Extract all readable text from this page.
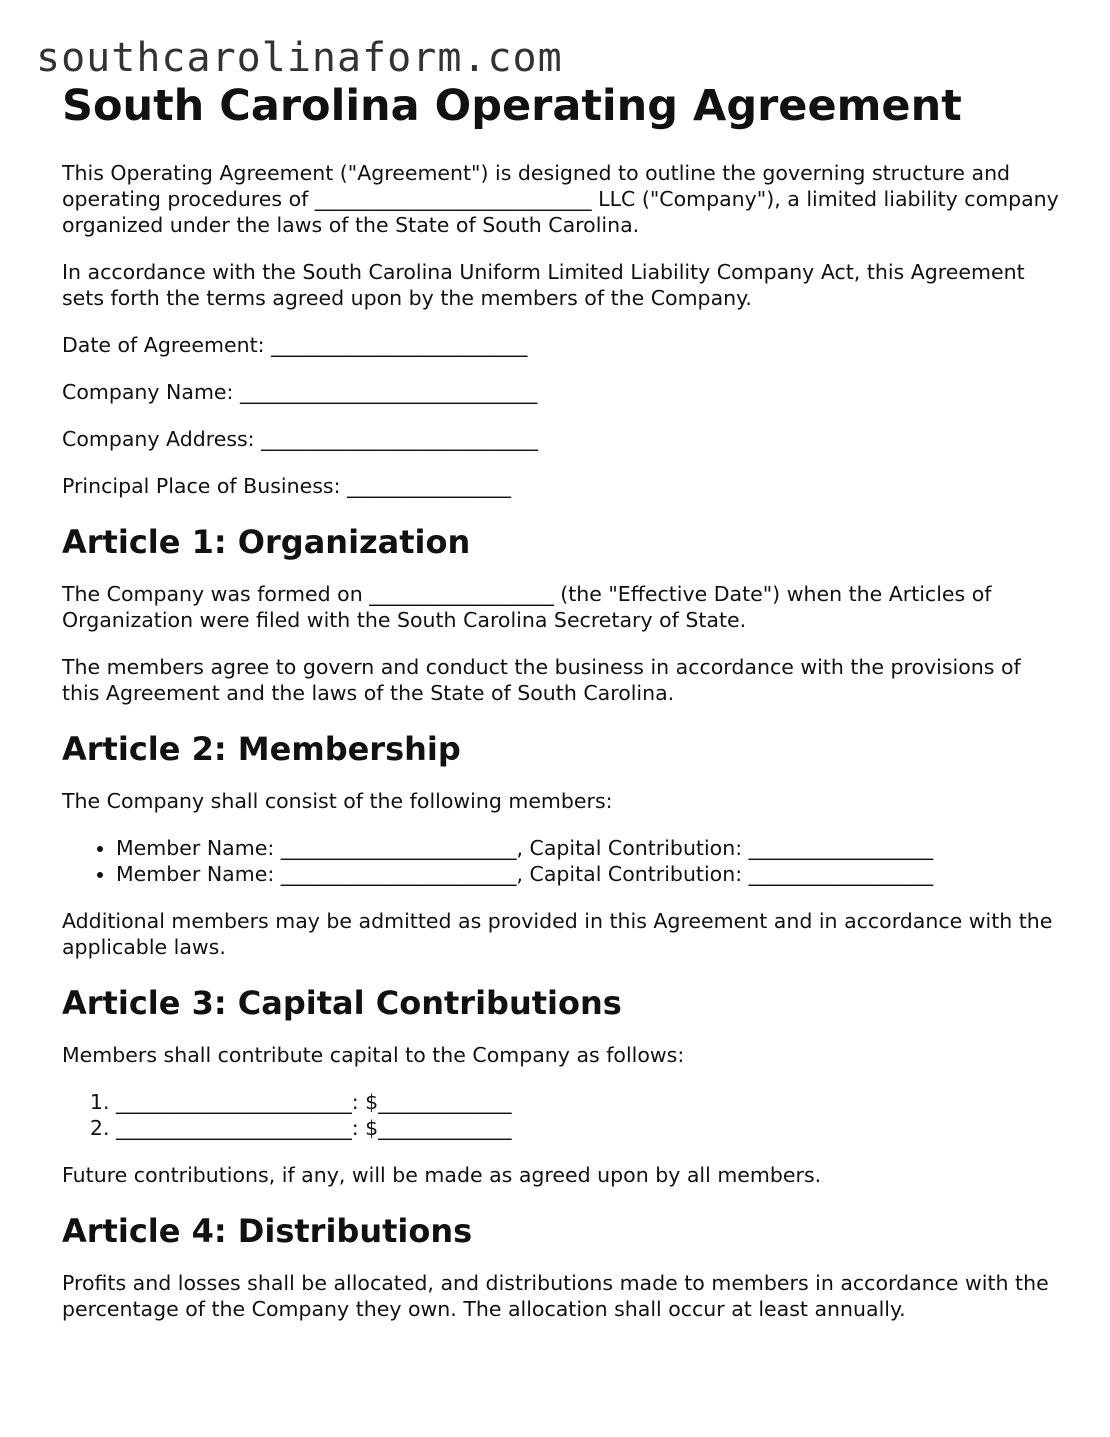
southcarolinaform.com
South Carolina Operating Agreement

This Operating Agreement ("Agreement") is designed to outline the governing structure and operating procedures of ___________________________ LLC ("Company"), a limited liability company organized under the laws of the State of South Carolina.

In accordance with the South Carolina Uniform Limited Liability Company Act, this Agreement sets forth the terms agreed upon by the members of the Company.

Date of Agreement: _________________________

Company Name: _____________________________

Company Address: ___________________________

Principal Place of Business: ________________

Article 1: Organization

The Company was formed on __________________ (the "Effective Date") when the Articles of Organization were filed with the South Carolina Secretary of State.

The members agree to govern and conduct the business in accordance with the provisions of this Agreement and the laws of the State of South Carolina.

Article 2: Membership

The Company shall consist of the following members:

• Member Name: _______________________, Capital Contribution: __________________
• Member Name: _______________________, Capital Contribution: __________________

Additional members may be admitted as provided in this Agreement and in accordance with the applicable laws.

Article 3: Capital Contributions

Members shall contribute capital to the Company as follows:

1. _______________________: $_____________
2. _______________________: $_____________

Future contributions, if any, will be made as agreed upon by all members.

Article 4: Distributions

Profits and losses shall be allocated, and distributions made to members in accordance with the percentage of the Company they own. The allocation shall occur at least annually.
